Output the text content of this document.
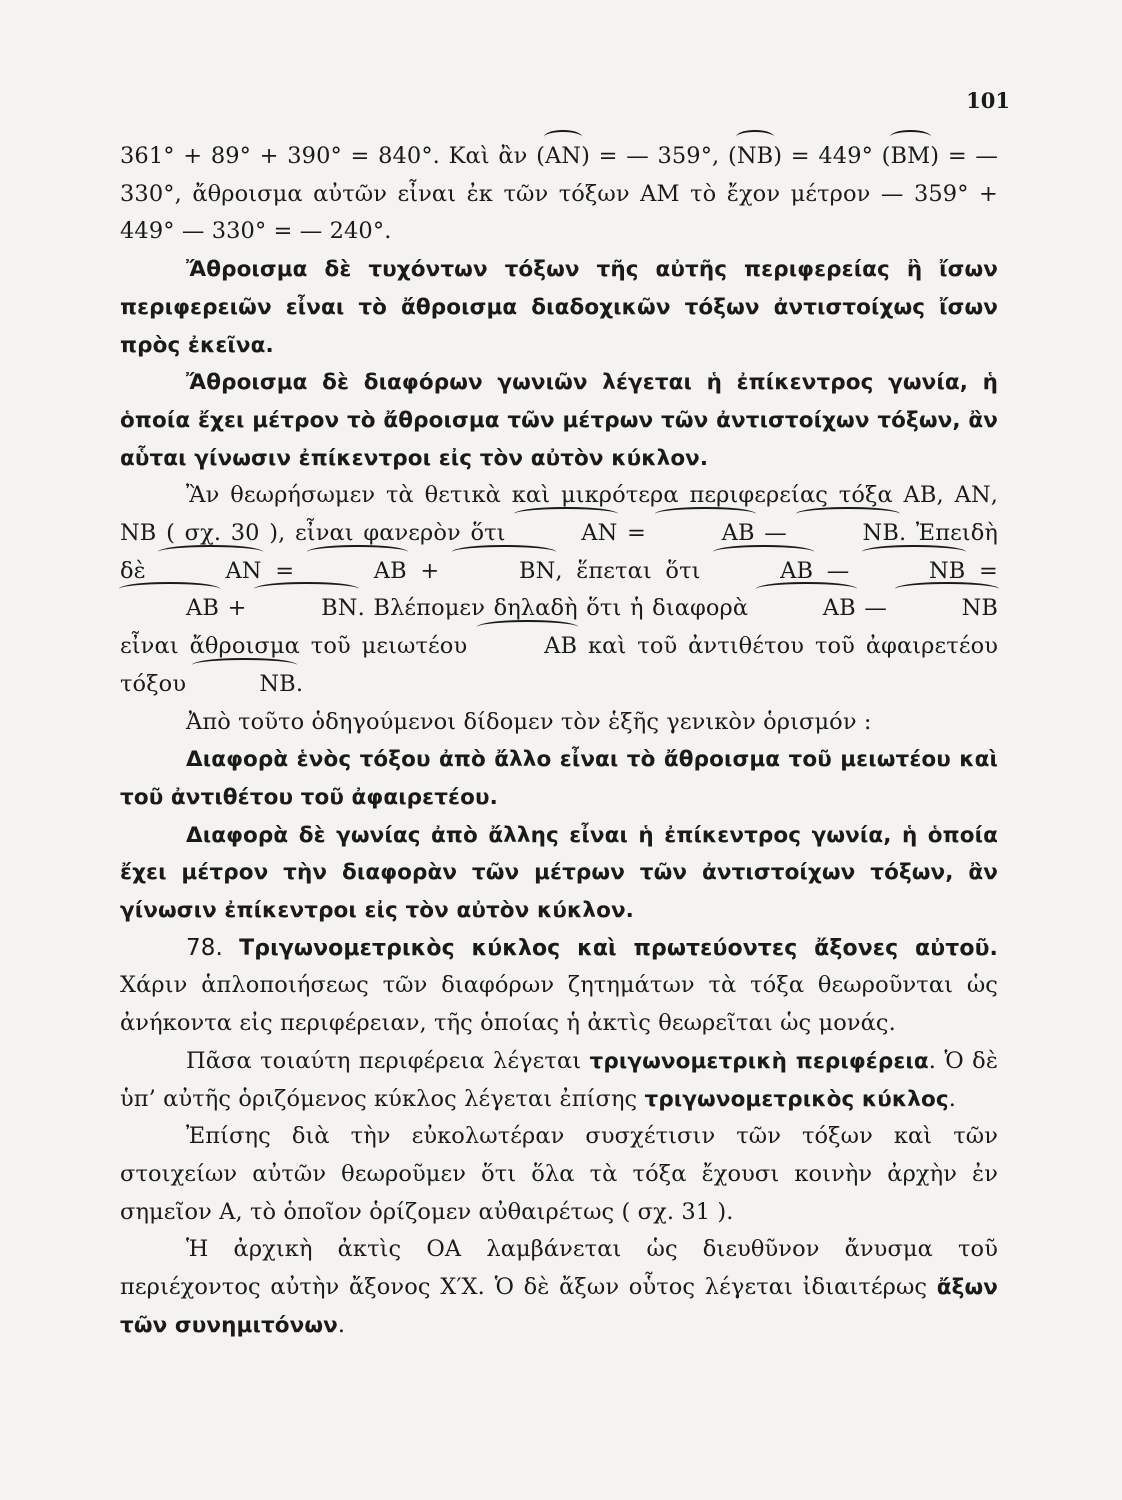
101

361° + 89° + 390° = 840°. Καὶ ἂν (AN) = — 359°, (NB) = 449° (BM) = — 330°, ἄθροισμα αὐτῶν εἶναι ἐκ τῶν τόξων ΑΜ τὸ ἔχον μέτρον — 359° + 449° — 330° = — 240°.

Ἄθροισμα δὲ τυχόντων τόξων τῆς αὐτῆς περιφερείας ἢ ἴσων περιφερειῶν εἶναι τὸ ἄθροισμα διαδοχικῶν τόξων ἀντιστοίχως ἴσων πρὸς ἐκεῖνα.

Ἄθροισμα δὲ διαφόρων γωνιῶν λέγεται ἡ ἐπίκεντρος γωνία, ἡ ὁποία ἔχει μέτρον τὸ ἄθροισμα τῶν μέτρων τῶν ἀντιστοίχων τόξων, ἂν αὗται γίνωσιν ἐπίκεντροι εἰς τὸν αὐτὸν κύκλον.

Ἂν θεωρήσωμεν τὰ θετικὰ καὶ μικρότερα περιφερείας τόξα ΑΒ, ΑΝ, ΝΒ ( σχ. 30 ), εἶναι φανερὸν ὅτι	AN =	AB —	NB. Ἐπειδὴ δὲ	AN =	AB +	BN, ἕπεται ὅτι	AB —	NB = AB +	BN. Βλέπομεν δηλαδὴ ὅτι ἡ διαφορὰ	AB —	NB εἶναι ἄθροισμα τοῦ μειωτέου	AB καὶ τοῦ ἀντιθέτου τοῦ ἀφαιρετέου τόξου	NB.

Ἀπὸ τοῦτο ὁδηγούμενοι δίδομεν τὸν ἑξῆς γενικὸν ὁρισμόν :

Διαφορὰ ἑνὸς τόξου ἀπὸ ἄλλο εἶναι τὸ ἄθροισμα τοῦ μειωτέου καὶ τοῦ ἀντιθέτου τοῦ ἀφαιρετέου.

Διαφορὰ δὲ γωνίας ἀπὸ ἄλλης εἶναι ἡ ἐπίκεντρος γωνία, ἡ ὁποία ἔχει μέτρον τὴν διαφορὰν τῶν μέτρων τῶν ἀντιστοίχων τόξων, ἂν γίνωσιν ἐπίκεντροι εἰς τὸν αὐτὸν κύκλον.

78. Τριγωνομετρικὸς κύκλος καὶ πρωτεύοντες ἄξονες αὐτοῦ. Χάριν ἁπλοποιήσεως τῶν διαφόρων ζητημάτων τὰ τόξα θεωροῦνται ὡς ἀνήκοντα εἰς περιφέρειαν, τῆς ὁποίας ἡ ἀκτὶς θεωρεῖται ὡς μονάς.

Πᾶσα τοιαύτη περιφέρεια λέγεται τριγωνομετρικὴ περιφέρεια. Ὁ δὲ ὑπ’ αὐτῆς ὁριζόμενος κύκλος λέγεται ἐπίσης τριγωνομετρικὸς κύκλος.

Ἐπίσης διὰ τὴν εὐκολωτέραν συσχέτισιν τῶν τόξων καὶ τῶν στοιχείων αὐτῶν θεωροῦμεν ὅτι ὅλα τὰ τόξα ἔχουσι κοινὴν ἀρχὴν ἐν σημεῖον Α, τὸ ὁποῖον ὁρίζομεν αὐθαιρέτως ( σχ. 31 ).

Ἡ ἀρχικὴ ἀκτὶς ΟΑ λαμβάνεται ὡς διευθῦνον ἄνυσμα τοῦ περιέχοντος αὐτὴν ἄξονος Χ′Χ. Ὁ δὲ ἄξων οὗτος λέγεται ἰδιαιτέρως ἄξων τῶν συνημιτόνων.
